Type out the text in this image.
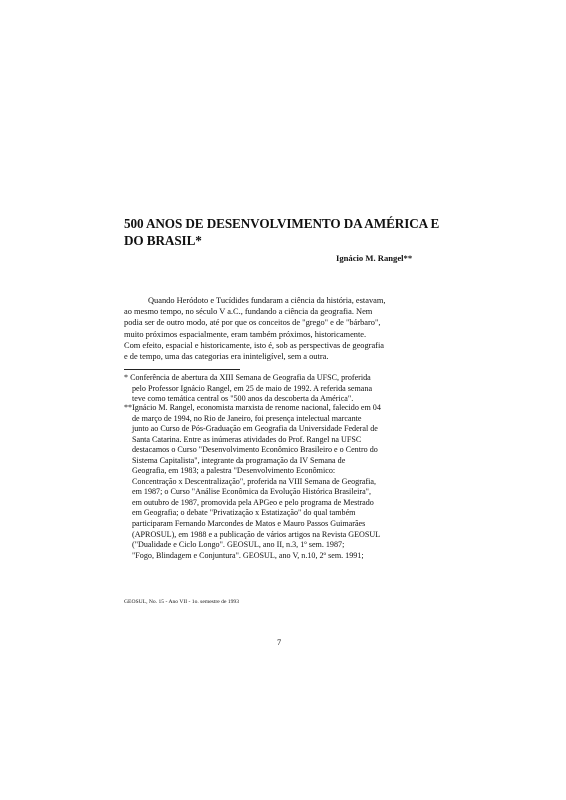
500 ANOS DE DESENVOLVIMENTO DA AMÉRICA E
DO BRASIL*
Ignácio M. Rangel**
Quando Heródoto e Tucídides fundaram a ciência da história, estavam,
ao mesmo tempo, no século V a.C., fundando a ciência da geografia. Nem
podia ser de outro modo, até por que os conceitos de "grego" e de "bárbaro",
muito próximos espacialmente, eram também próximos, historicamente.
Com efeito, espacial e historicamente, isto é, sob as perspectivas de geografia
e de tempo, uma das categorias era ininteligível, sem a outra.
* Conferência de abertura da XIII Semana de Geografia da UFSC, proferida
pelo Professor Ignácio Rangel, em 25 de maio de 1992. A referida semana
teve como temática central os "500 anos da descoberta da América".
**Ignácio M. Rangel, economista marxista de renome nacional, falecido em 04
de março de 1994, no Rio de Janeiro, foi presença intelectual marcante
junto ao Curso de Pós-Graduação em Geografia da Universidade Federal de
Santa Catarina. Entre as inúmeras atividades do Prof. Rangel na UFSC
destacamos o Curso "Desenvolvimento Econômico Brasileiro e o Centro do
Sistema Capitalista", integrante da programação da IV Semana de
Geografia, em 1983; a palestra "Desenvolvimento Econômico:
Concentração x Descentralização", proferida na VIII Semana de Geografia,
em 1987; o Curso "Análise Econômica da Evolução Histórica Brasileira",
em outubro de 1987, promovida pela APGeo e pelo programa de Mestrado
em Geografia; o debate "Privatização x Estatização" do qual também
participaram Fernando Marcondes de Matos e Mauro Passos Guimarães
(APROSUL), em 1988 e a publicação de vários artigos na Revista GEOSUL
("Dualidade e Ciclo Longo". GEOSUL, ano II, n.3, 1º sem. 1987;
"Fogo, Blindagem e Conjuntura". GEOSUL, ano V, n.10, 2º sem. 1991;
GEOSUL, No. 15 - Ano VII - 1o. semestre de 1993
7
